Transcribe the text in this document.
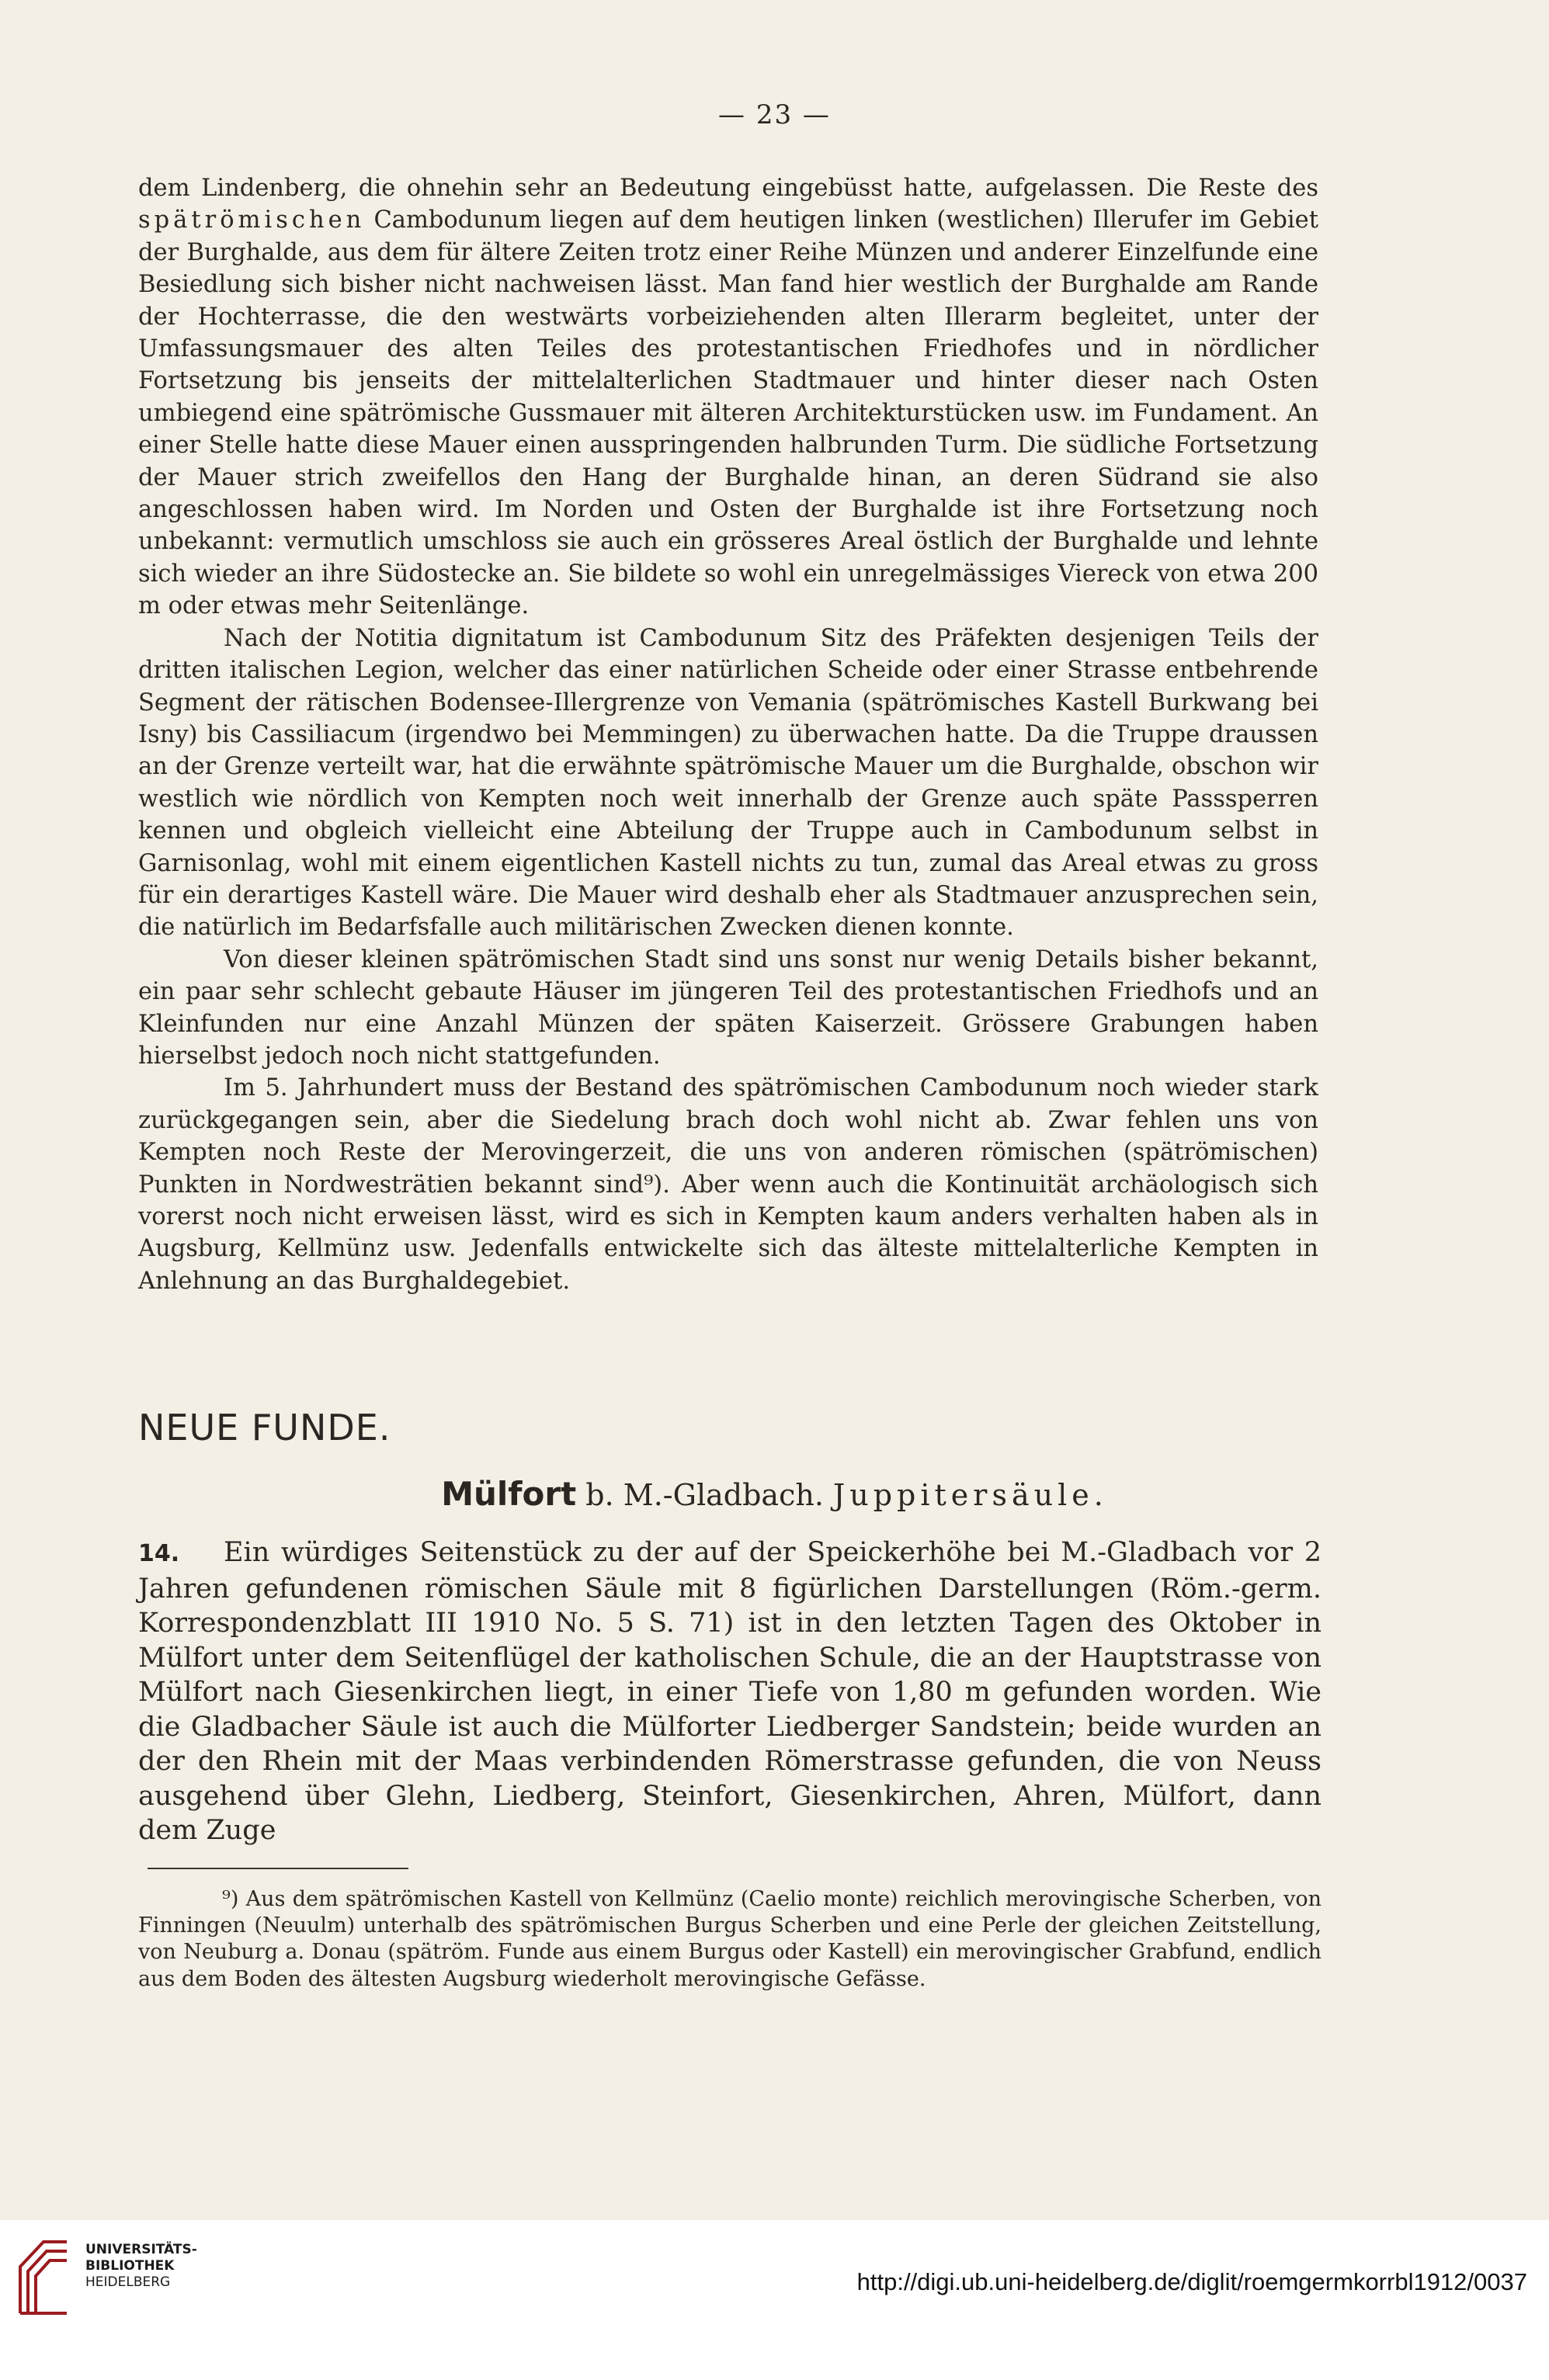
— 23 —

dem Lindenberg, die ohnehin sehr an Bedeutung eingebüsst hatte, aufgelassen. Die Reste des spätrömischen Cambodunum liegen auf dem heutigen linken (westlichen) Illerufer im Gebiet der Burghalde, aus dem für ältere Zeiten trotz einer Reihe Münzen und anderer Einzelfunde eine Besiedlung sich bisher nicht nachweisen lässt. Man fand hier westlich der Burghalde am Rande der Hochterrasse, die den westwärts vorbeiziehenden alten Illerarm begleitet, unter der Umfassungsmauer des alten Teiles des protestantischen Friedhofes und in nördlicher Fortsetzung bis jenseits der mittelalterlichen Stadtmauer und hinter dieser nach Osten umbiegend eine spätrömische Gussmauer mit älteren Architekturstücken usw. im Fundament. An einer Stelle hatte diese Mauer einen ausspringenden halbrunden Turm. Die südliche Fortsetzung der Mauer strich zweifellos den Hang der Burghalde hinan, an deren Südrand sie also angeschlossen haben wird. Im Norden und Osten der Burghalde ist ihre Fortsetzung noch unbekannt: vermutlich umschloss sie auch ein grösseres Areal östlich der Burghalde und lehnte sich wieder an ihre Südostecke an. Sie bildete so wohl ein unregelmässiges Viereck von etwa 200 m oder etwas mehr Seitenlänge.

Nach der Notitia dignitatum ist Cambodunum Sitz des Präfekten desjenigen Teils der dritten italischen Legion, welcher das einer natürlichen Scheide oder einer Strasse entbehrende Segment der rätischen Bodensee-Illergrenze von Vemania (spätrömisches Kastell Burkwang bei Isny) bis Cassiliacum (irgendwo bei Memmingen) zu überwachen hatte. Da die Truppe draussen an der Grenze verteilt war, hat die erwähnte spätrömische Mauer um die Burghalde, obschon wir westlich wie nördlich von Kempten noch weit innerhalb der Grenze auch späte Passsperren kennen und obgleich vielleicht eine Abteilung der Truppe auch in Cambodunum selbst in Garnisonlag, wohl mit einem eigentlichen Kastell nichts zu tun, zumal das Areal etwas zu gross für ein derartiges Kastell wäre. Die Mauer wird deshalb eher als Stadtmauer anzusprechen sein, die natürlich im Bedarfsfalle auch militärischen Zwecken dienen konnte.

Von dieser kleinen spätrömischen Stadt sind uns sonst nur wenig Details bisher bekannt, ein paar sehr schlecht gebaute Häuser im jüngeren Teil des protestantischen Friedhofs und an Kleinfunden nur eine Anzahl Münzen der späten Kaiserzeit. Grössere Grabungen haben hierselbst jedoch noch nicht stattgefunden.

Im 5. Jahrhundert muss der Bestand des spätrömischen Cambodunum noch wieder stark zurückgegangen sein, aber die Siedelung brach doch wohl nicht ab. Zwar fehlen uns von Kempten noch Reste der Merovingerzeit, die uns von anderen römischen (spätrömischen) Punkten in Nordwesträtien bekannt sind⁹). Aber wenn auch die Kontinuität archäologisch sich vorerst noch nicht erweisen lässt, wird es sich in Kempten kaum anders verhalten haben als in Augsburg, Kellmünz usw. Jedenfalls entwickelte sich das älteste mittelalterliche Kempten in Anlehnung an das Burghaldegebiet.

NEUE FUNDE.
Mülfort b. M.-Gladbach. Juppitersäule.
14. Ein würdiges Seitenstück zu der auf der Speickerhöhe bei M.-Gladbach vor 2 Jahren gefundenen römischen Säule mit 8 figürlichen Darstellungen (Röm.-germ. Korrespondenzblatt III 1910 No. 5 S. 71) ist in den letzten Tagen des Oktober in Mülfort unter dem Seitenflügel der katholischen Schule, die an der Hauptstrasse von Mülfort nach Giesenkirchen liegt, in einer Tiefe von 1,80 m gefunden worden. Wie die Gladbacher Säule ist auch die Mülforter Liedberger Sandstein; beide wurden an der den Rhein mit der Maas verbindenden Römerstrasse gefunden, die von Neuss ausgehend über Glehn, Liedberg, Steinfort, Giesenkirchen, Ahren, Mülfort, dann dem Zuge

⁹) Aus dem spätrömischen Kastell von Kellmünz (Caelio monte) reichlich merovingische Scherben, von Finningen (Neuulm) unterhalb des spätrömischen Burgus Scherben und eine Perle der gleichen Zeitstellung, von Neuburg a. Donau (spätröm. Funde aus einem Burgus oder Kastell) ein merovingischer Grabfund, endlich aus dem Boden des ältesten Augsburg wiederholt merovingische Gefässe.

UNIVERSITÄTS-
BIBLIOTHEK
HEIDELBERG	http://digi.ub.uni-heidelberg.de/diglit/roemgermkorrbl1912/0037
